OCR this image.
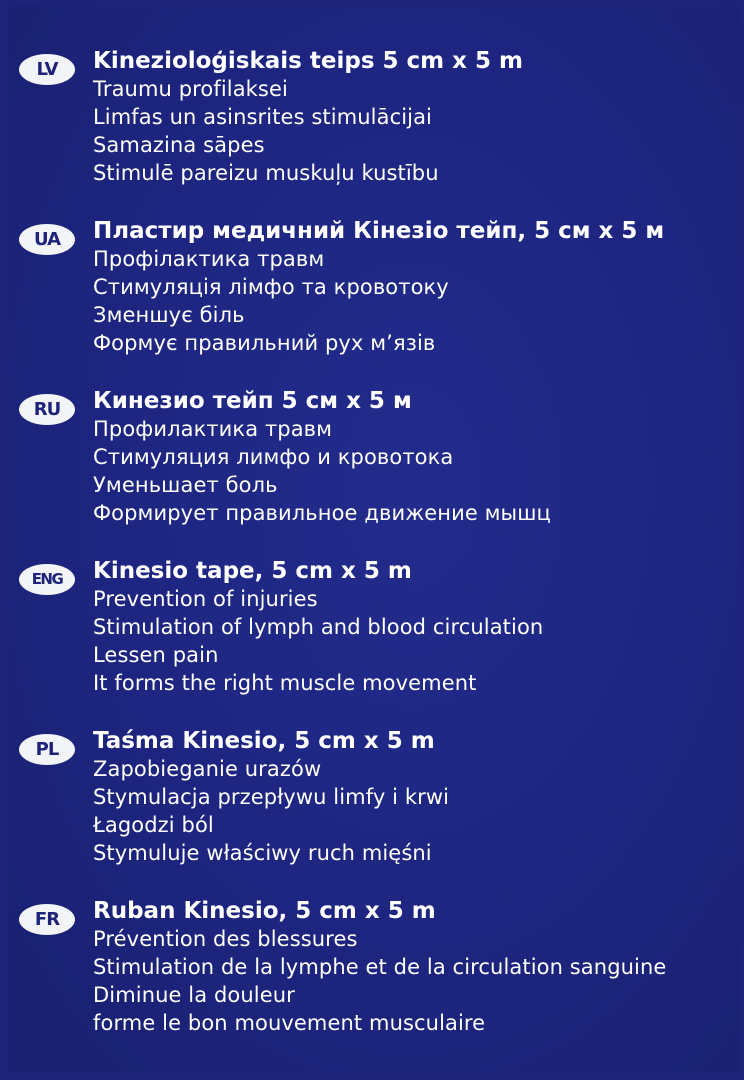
LV	Kinezioloģiskais teips 5 cm x 5 m
Traumu profilaksei
Limfas un asinsrites stimulācijai
Samazina sāpes
Stimulē pareizu muskuļu kustību
UA	Пластир медичний Кінезіо тейп, 5 см х 5 м
Профілактика травм
Стимуляція лімфо та кровотоку
Зменшує біль
Формує правильний рух м’язів
RU	Кинезио тейп 5 см х 5 м
Профилактика травм
Стимуляция лимфо и кровотока
Уменьшает боль
Формирует правильное движение мышц
ENG	Kinesio tape, 5 cm x 5 m
Prevention of injuries
Stimulation of lymph and blood circulation
Lessen pain
It forms the right muscle movement
PL	Taśma Kinesio, 5 cm x 5 m
Zapobieganie urazów
Stymulacja przepływu limfy i krwi
Łagodzi ból
Stymuluje właściwy ruch mięśni
FR	Ruban Kinesio, 5 cm x 5 m
Prévention des blessures
Stimulation de la lymphe et de la circulation sanguine
Diminue la douleur
forme le bon mouvement musculaire
